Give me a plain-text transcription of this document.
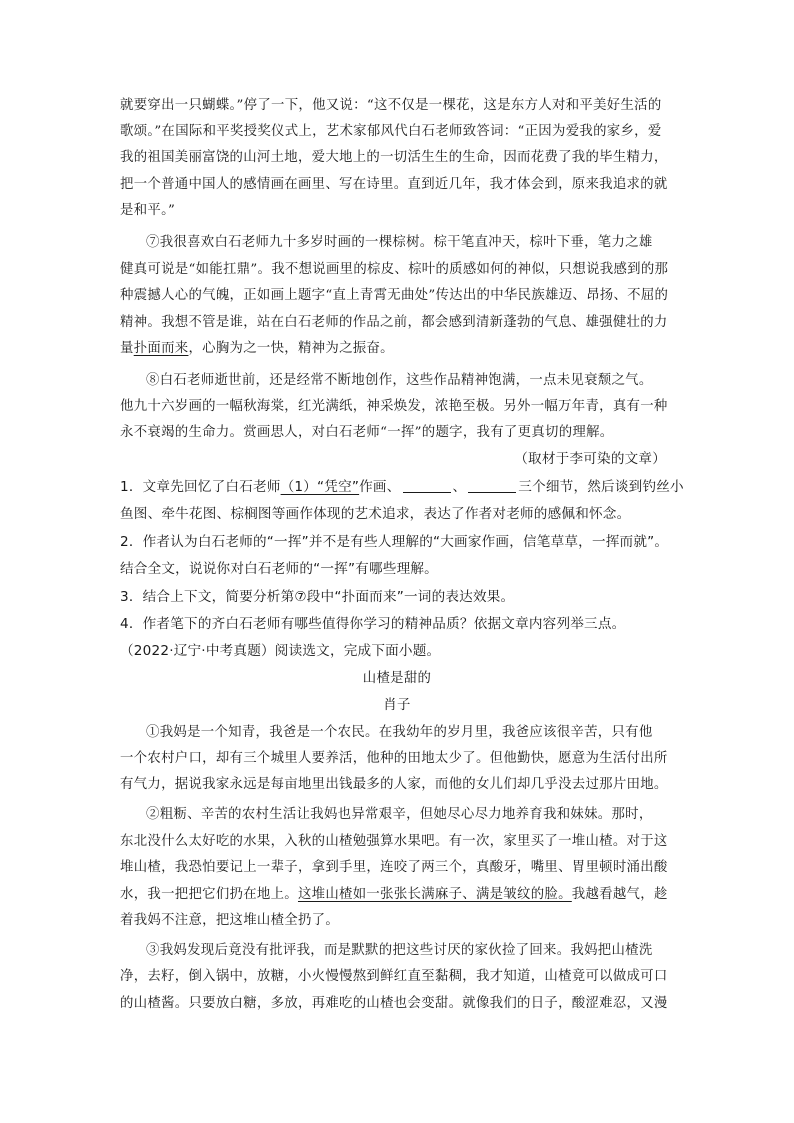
就要穿出一只蝴蝶。”停了一下，他又说：“这不仅是一棵花，这是东方人对和平美好生活的
歌颂。”在国际和平奖授奖仪式上，艺术家郁风代白石老师致答词：“正因为爱我的家乡，爱
我的祖国美丽富饶的山河土地，爱大地上的一切活生生的生命，因而花费了我的毕生精力，
把一个普通中国人的感情画在画里、写在诗里。直到近几年，我才体会到，原来我追求的就
是和平。”
⑦我很喜欢白石老师九十多岁时画的一棵棕树。棕干笔直冲天，棕叶下垂，笔力之雄
健真可说是“如能扛鼎”。我不想说画里的棕皮、棕叶的质感如何的神似，只想说我感到的那
种震撼人心的气魄，正如画上题字“直上青霄无曲处”传达出的中华民族雄迈、昂扬、不屈的
精神。我想不管是谁，站在白石老师的作品之前，都会感到清新蓬勃的气息、雄强健壮的力
量扑面而来，心胸为之一快，精神为之振奋。
⑧白石老师逝世前，还是经常不断地创作，这些作品精神饱满，一点未见衰颓之气。
他九十六岁画的一幅秋海棠，红光满纸，神采焕发，浓艳至极。另外一幅万年青，真有一种
永不衰竭的生命力。赏画思人，对白石老师“一挥”的题字，我有了更真切的理解。
（取材于李可染的文章）
1．文章先回忆了白石老师（1）“凭空”作画、	、	三个细节，然后谈到钓丝小
鱼图、牵牛花图、棕榈图等画作体现的艺术追求，表达了作者对老师的感佩和怀念。
2．作者认为白石老师的“一挥”并不是有些人理解的“大画家作画，信笔草草，一挥而就”。
结合全文，说说你对白石老师的“一挥”有哪些理解。
3．结合上下文，简要分析第⑦段中“扑面而来”一词的表达效果。
4．作者笔下的齐白石老师有哪些值得你学习的精神品质？依据文章内容列举三点。
（2022·辽宁·中考真题）阅读选文，完成下面小题。
山楂是甜的
肖子
①我妈是一个知青，我爸是一个农民。在我幼年的岁月里，我爸应该很辛苦，只有他
一个农村户口，却有三个城里人要养活，他种的田地太少了。但他勤快，愿意为生活付出所
有气力，据说我家永远是每亩地里出钱最多的人家，而他的女儿们却几乎没去过那片田地。
②粗粝、辛苦的农村生活让我妈也异常艰辛，但她尽心尽力地养育我和妹妹。那时，
东北没什么太好吃的水果，入秋的山楂勉强算水果吧。有一次，家里买了一堆山楂。对于这
堆山楂，我恐怕要记上一辈子，拿到手里，连咬了两三个，真酸牙，嘴里、胃里顿时涌出酸
水，我一把把它们扔在地上。这堆山楂如一张张长满麻子、满是皱纹的脸。我越看越气，趁
着我妈不注意，把这堆山楂全扔了。
③我妈发现后竟没有批评我，而是默默的把这些讨厌的家伙捡了回来。我妈把山楂洗
净，去籽，倒入锅中，放糖，小火慢慢熬到鲜红直至黏稠，我才知道，山楂竟可以做成可口
的山楂酱。只要放白糖，多放，再难吃的山楂也会变甜。就像我们的日子，酸涩难忍，又漫
